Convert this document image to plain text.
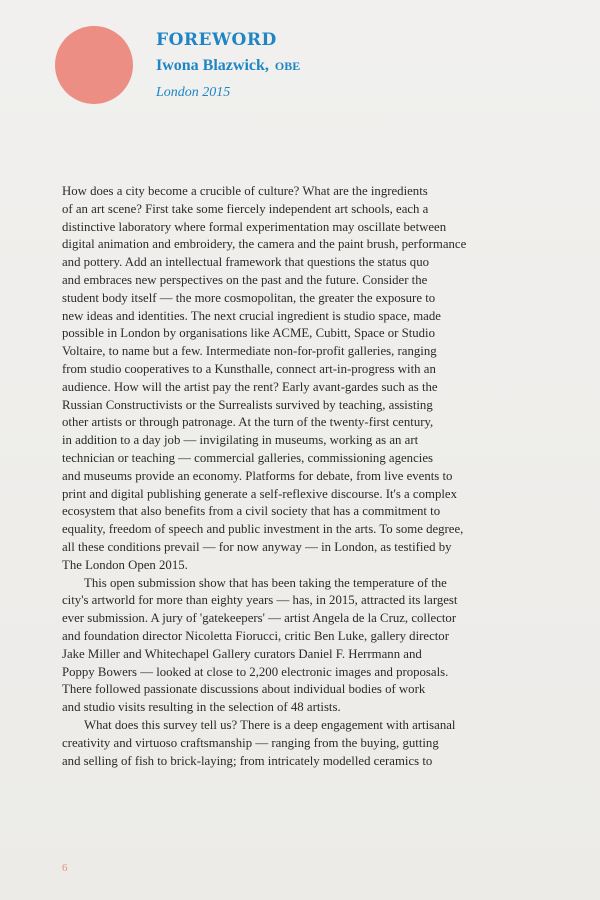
FOREWORD
Iwona Blazwick, OBE
London 2015
How does a city become a crucible of culture? What are the ingredients
of an art scene? First take some fiercely independent art schools, each a
distinctive laboratory where formal experimentation may oscillate between
digital animation and embroidery, the camera and the paint brush, performance
and pottery. Add an intellectual framework that questions the status quo
and embraces new perspectives on the past and the future. Consider the
student body itself — the more cosmopolitan, the greater the exposure to
new ideas and identities. The next crucial ingredient is studio space, made
possible in London by organisations like ACME, Cubitt, Space or Studio
Voltaire, to name but a few. Intermediate non-for-profit galleries, ranging
from studio cooperatives to a Kunsthalle, connect art-in-progress with an
audience. How will the artist pay the rent? Early avant-gardes such as the
Russian Constructivists or the Surrealists survived by teaching, assisting
other artists or through patronage. At the turn of the twenty-first century,
in addition to a day job — invigilating in museums, working as an art
technician or teaching — commercial galleries, commissioning agencies
and museums provide an economy. Platforms for debate, from live events to
print and digital publishing generate a self-reflexive discourse. It's a complex
ecosystem that also benefits from a civil society that has a commitment to
equality, freedom of speech and public investment in the arts. To some degree,
all these conditions prevail — for now anyway — in London, as testified by
The London Open 2015.
This open submission show that has been taking the temperature of the
city's artworld for more than eighty years — has, in 2015, attracted its largest
ever submission. A jury of 'gatekeepers' — artist Angela de la Cruz, collector
and foundation director Nicoletta Fiorucci, critic Ben Luke, gallery director
Jake Miller and Whitechapel Gallery curators Daniel F. Herrmann and
Poppy Bowers — looked at close to 2,200 electronic images and proposals.
There followed passionate discussions about individual bodies of work
and studio visits resulting in the selection of 48 artists.
What does this survey tell us? There is a deep engagement with artisanal
creativity and virtuoso craftsmanship — ranging from the buying, gutting
and selling of fish to brick-laying; from intricately modelled ceramics to
6
